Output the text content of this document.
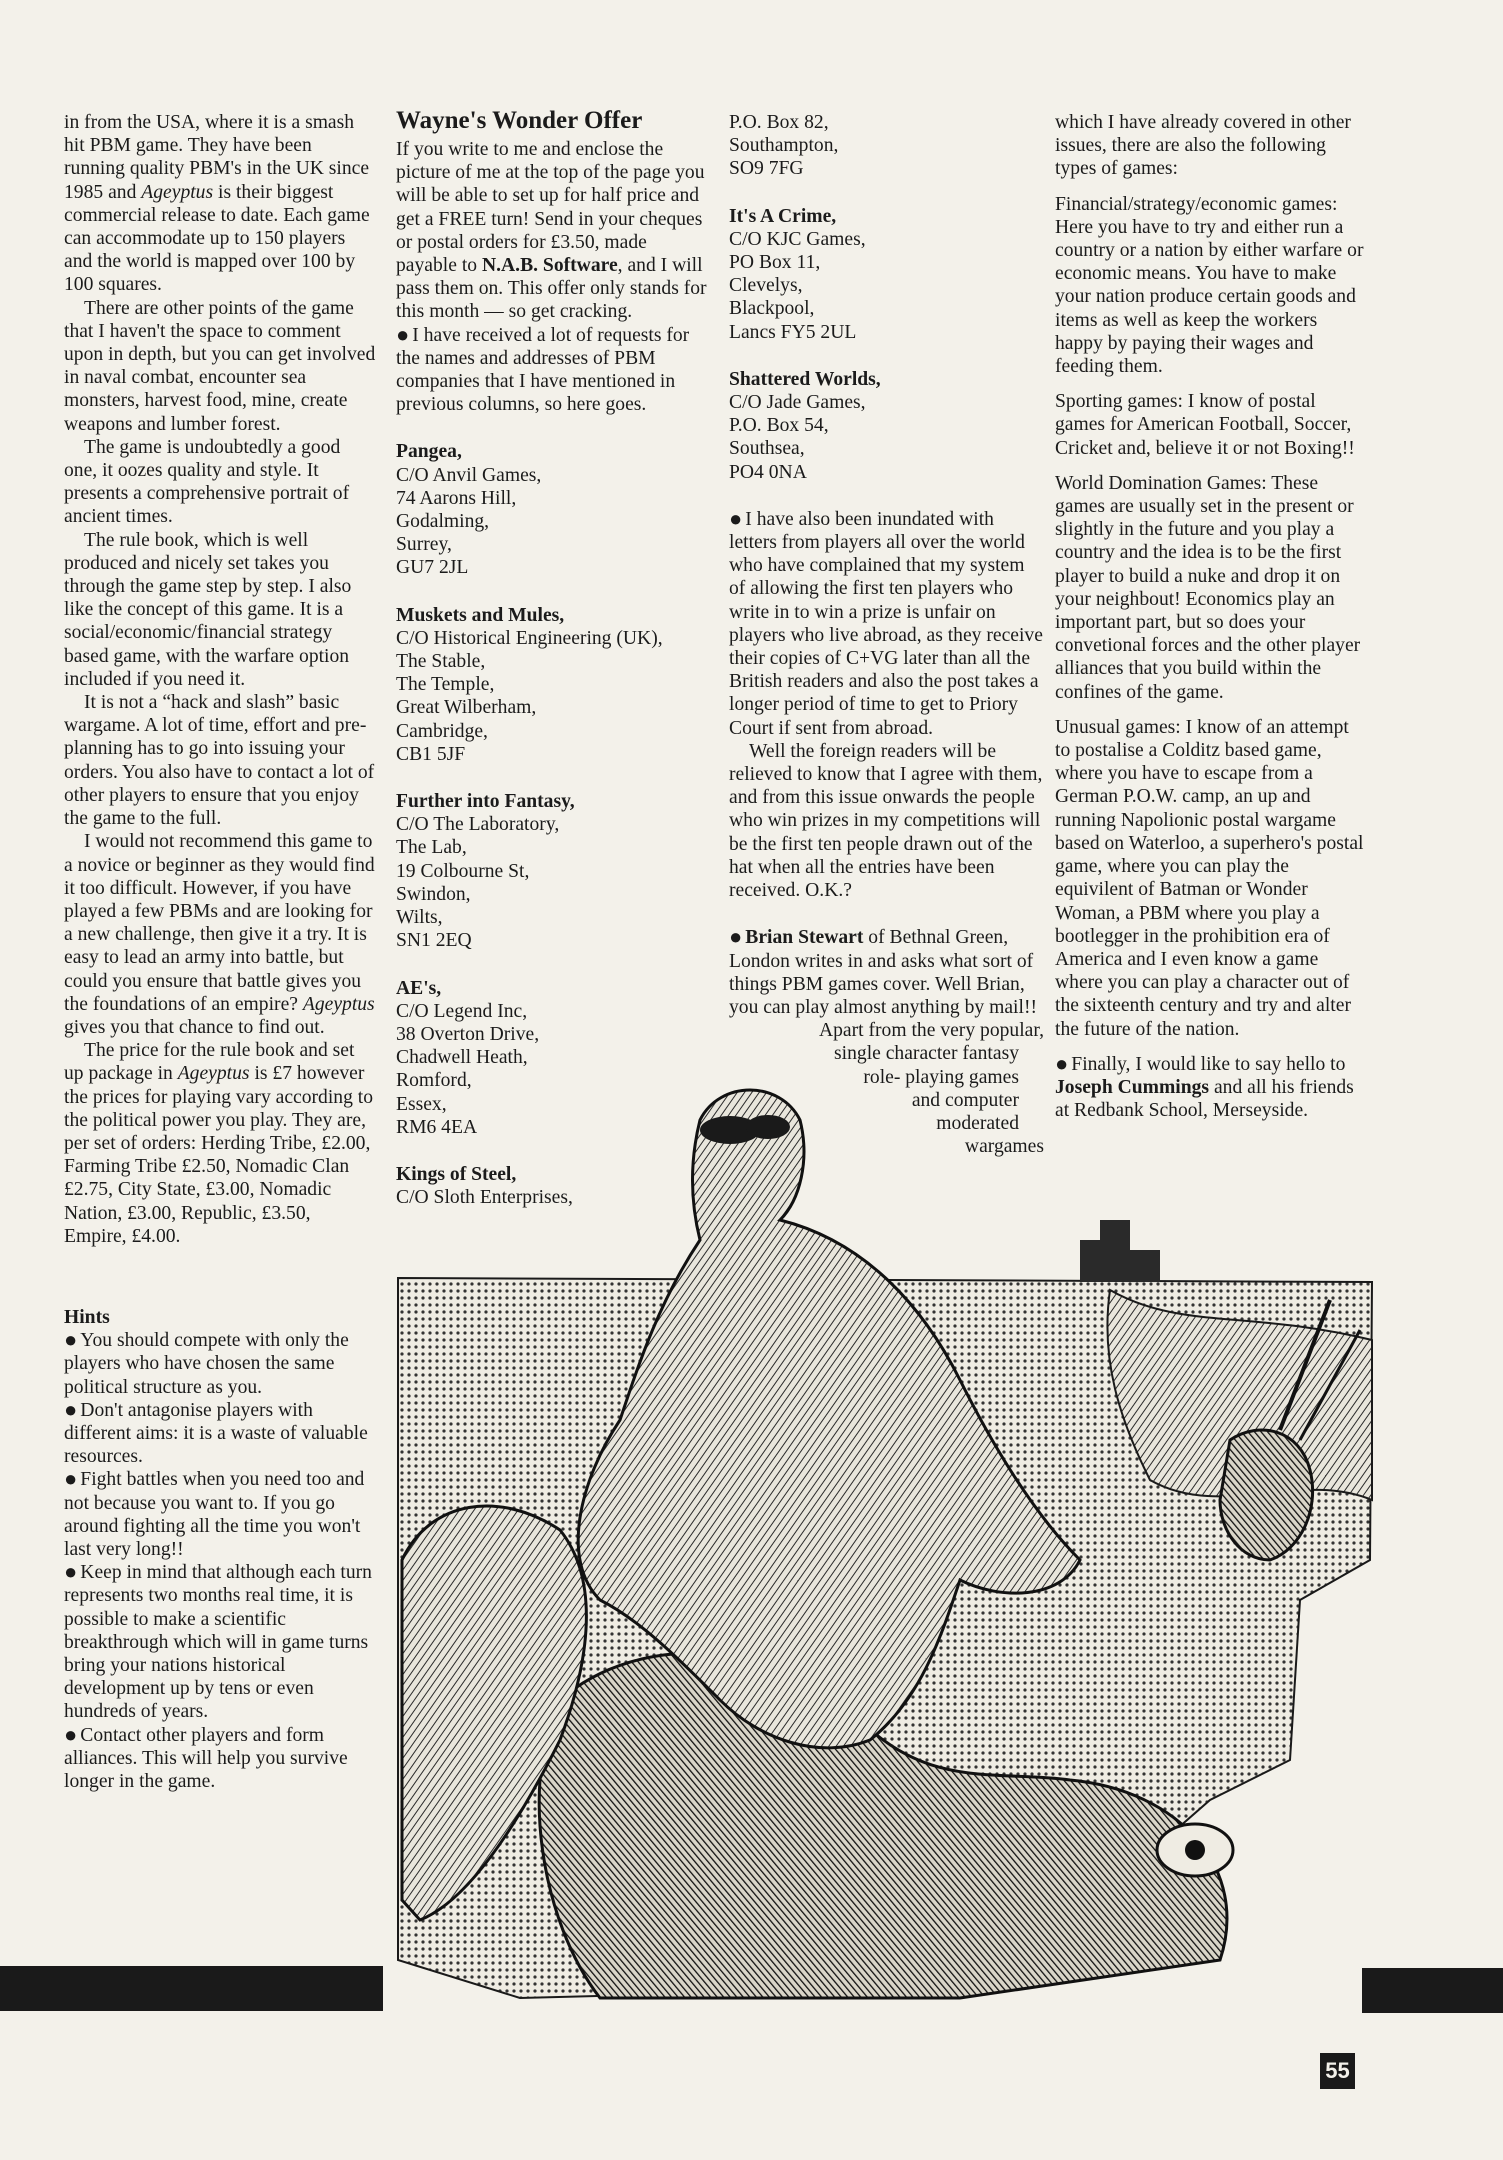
in from the USA, where it is a smash hit PBM game. They have been running quality PBM's in the UK since 1985 and Ageyptus is their biggest commercial release to date. Each game can accommodate up to 150 players and the world is mapped over 100 by 100 squares.

There are other points of the game that I haven't the space to comment upon in depth, but you can get involved in naval combat, encounter sea monsters, harvest food, mine, create weapons and lumber forest.

The game is undoubtedly a good one, it oozes quality and style. It presents a comprehensive portrait of ancient times.

The rule book, which is well produced and nicely set takes you through the game step by step. I also like the concept of this game. It is a social/economic/financial strategy based game, with the warfare option included if you need it.

It is not a “hack and slash” basic wargame. A lot of time, effort and pre-planning has to go into issuing your orders. You also have to contact a lot of other players to ensure that you enjoy the game to the full.

I would not recommend this game to a novice or beginner as they would find it too difficult. However, if you have played a few PBMs and are looking for a new challenge, then give it a try. It is easy to lead an army into battle, but could you ensure that battle gives you the foundations of an empire? Ageyptus gives you that chance to find out.

The price for the rule book and set up package in Ageyptus is £7 however the prices for playing vary according to the political power you play. They are, per set of orders: Herding Tribe, £2.00, Farming Tribe £2.50, Nomadic Clan £2.75, City State, £3.00, Nomadic Nation, £3.00, Republic, £3.50, Empire, £4.00.

Hints

● You should compete with only the players who have chosen the same political structure as you.

● Don't antagonise players with different aims: it is a waste of valuable resources.

● Fight battles when you need too and not because you want to. If you go around fighting all the time you won't last very long!!

● Keep in mind that although each turn represents two months real time, it is possible to make a scientific breakthrough which will in game turns bring your nations historical development up by tens or even hundreds of years.

● Contact other players and form alliances. This will help you survive longer in the game.

Wayne's Wonder Offer

If you write to me and enclose the picture of me at the top of the page you will be able to set up for half price and get a FREE turn! Send in your cheques or postal orders for £3.50, made payable to N.A.B. Software, and I will pass them on. This offer only stands for this month — so get cracking.

● I have received a lot of requests for the names and addresses of PBM companies that I have mentioned in previous columns, so here goes.

Pangea,

C/O Anvil Games,

74 Aarons Hill,

Godalming,

Surrey,

GU7 2JL

Muskets and Mules,

C/O Historical Engineering (UK),

The Stable,

The Temple,

Great Wilberham,

Cambridge,

CB1 5JF

Further into Fantasy,

C/O The Laboratory,

The Lab,

19 Colbourne St,

Swindon,

Wilts,

SN1 2EQ

AE's,

C/O Legend Inc,

38 Overton Drive,

Chadwell Heath,

Romford,

Essex,

RM6 4EA

Kings of Steel,

C/O Sloth Enterprises,

P.O. Box 82,

Southampton,

SO9 7FG

It's A Crime,

C/O KJC Games,

PO Box 11,

Clevelys,

Blackpool,

Lancs FY5 2UL

Shattered Worlds,

C/O Jade Games,

P.O. Box 54,

Southsea,

PO4 0NA

● I have also been inundated with letters from players all over the world who have complained that my system of allowing the first ten players who write in to win a prize is unfair on players who live abroad, as they receive their copies of C+VG later than all the British readers and also the post takes a longer period of time to get to Priory Court if sent from abroad.

Well the foreign readers will be relieved to know that I agree with them, and from this issue onwards the people who win prizes in my competitions will be the first ten people drawn out of the hat when all the entries have been received. O.K.?

● Brian Stewart of Bethnal Green, London writes in and asks what sort of things PBM games cover. Well Brian, you can play almost anything by mail!!

Apart from the very popular,

single character fantasy

role- playing games

and computer

moderated

wargames

which I have already covered in other issues, there are also the following types of games:

Financial/strategy/economic games: Here you have to try and either run a country or a nation by either warfare or economic means. You have to make your nation produce certain goods and items as well as keep the workers happy by paying their wages and feeding them.

Sporting games: I know of postal games for American Football, Soccer, Cricket and, believe it or not Boxing!!

World Domination Games: These games are usually set in the present or slightly in the future and you play a country and the idea is to be the first player to build a nuke and drop it on your neighbout! Economics play an important part, but so does your convetional forces and the other player alliances that you build within the confines of the game.

Unusual games: I know of an attempt to postalise a Colditz based game, where you have to escape from a German P.O.W. camp, an up and running Napolionic postal wargame based on Waterloo, a superhero's postal game, where you can play the equivilent of Batman or Wonder Woman, a PBM where you play a bootlegger in the prohibition era of America and I even know a game where you can play a character out of the sixteenth century and try and alter the future of the nation.

● Finally, I would like to say hello to Joseph Cummings and all his friends at Redbank School, Merseyside.

55
